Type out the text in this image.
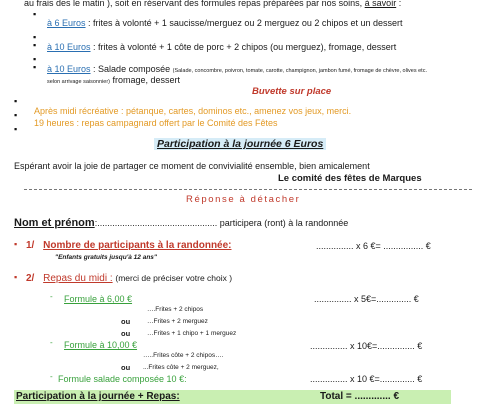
au frais des le matin ), soit en réservant des formules repas préparées par nos soins, à savoir :
▪
à 6 Euros : frites à volonté + 1 saucisse/merguez ou 2 merguez ou 2 chipos et un dessert
▪
▪ à 10 Euros : frites à volonté + 1 côte de porc + 2 chipos (ou merguez), fromage, dessert
▪
▪ à 10 Euros : Salade composée (Salade, concombre, poivron, tomate, carotte, champignon, jambon fumé, fromage de chèvre, olives etc.
selon arrivage saisonnier) fromage, dessert
Buvette sur place
▪
Après midi récréative : pétanque, cartes, dominos etc., amenez vos jeux, merci.
▪
19 heures : repas campagnard offert par le Comité des Fêtes
▪
Participation à la journée 6 Euros
Espérant avoir la joie de partager ce moment de convivialité ensemble, bien amicalement
Le comité des fêtes de Marques
Réponse à détacher
Nom et prénom:................................................ participera (ront) à la randonnée
▪ 1/ Nombre de participants à la randonnée:	............... x 6 €= ................ €
"Enfants gratuits jusqu'à 12 ans"
▪ 2/ Repas du midi : (merci de préciser votre choix )
- Formule à 6,00 €	............... x 5€=.............. €
….Frites + 2 chipos
ou	…Frites + 2 merguez
ou	…Frites + 1 chipo + 1 merguez
- Formule à 10,00 €	............... x 10€=............... €
…..Frites côte + 2 chipos….
ou ...Frites côte + 2 merguez,
- Formule salade composée 10 €:	............... x 10 €=.............. €
Participation à la journée + Repas:	Total = ............. €
